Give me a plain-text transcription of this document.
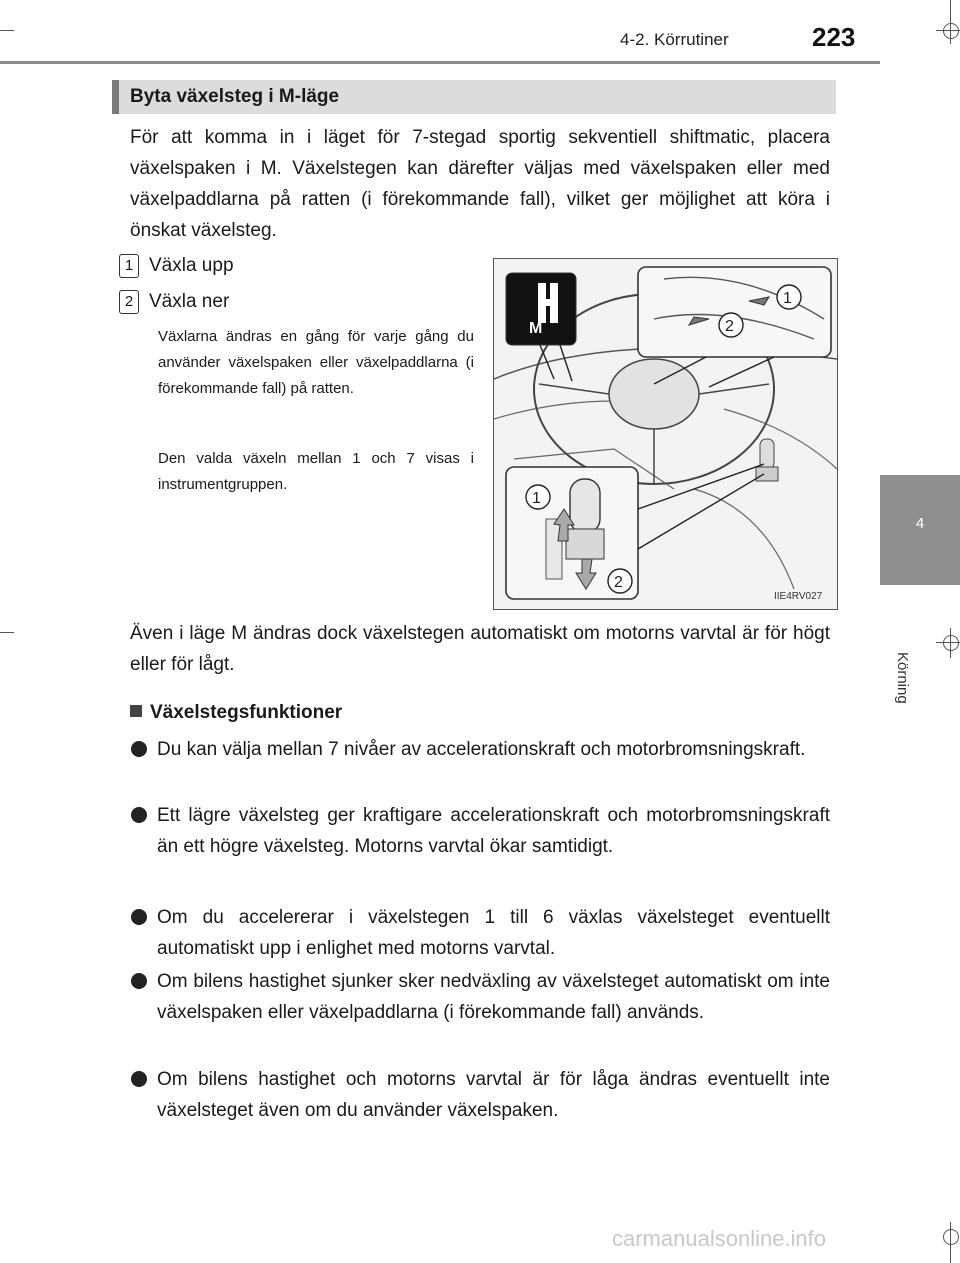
4-2. Körrutiner	223
4
Körning
Byta växelsteg i M-läge
För att komma in i läget för 7-stegad sportig sekventiell shiftmatic, placera växelspaken i M. Växelstegen kan därefter väljas med växelspaken eller med växelpaddlarna på ratten (i förekommande fall), vilket ger möjlighet att köra i önskat växelsteg.
1 Växla upp
2 Växla ner
Växlarna ändras en gång för varje gång du använder växelspaken eller växelpaddlarna (i förekommande fall) på ratten.
Den valda växeln mellan 1 och 7 visas i instrumentgruppen.
M
1
2
1
2
IIE4RV027
Även i läge M ändras dock växelstegen automatiskt om motorns varvtal är för högt eller för lågt.
Växelstegsfunktioner
Du kan välja mellan 7 nivåer av accelerationskraft och motorbromsningskraft.
Ett lägre växelsteg ger kraftigare accelerationskraft och motorbromsningskraft än ett högre växelsteg. Motorns varvtal ökar samtidigt.
Om du accelererar i växelstegen 1 till 6 växlas växelsteget eventuellt automatiskt upp i enlighet med motorns varvtal.
Om bilens hastighet sjunker sker nedväxling av växelsteget automatiskt om inte växelspaken eller växelpaddlarna (i förekommande fall) används.
Om bilens hastighet och motorns varvtal är för låga ändras eventuellt inte växelsteget även om du använder växelspaken.
carmanualsonline.info
